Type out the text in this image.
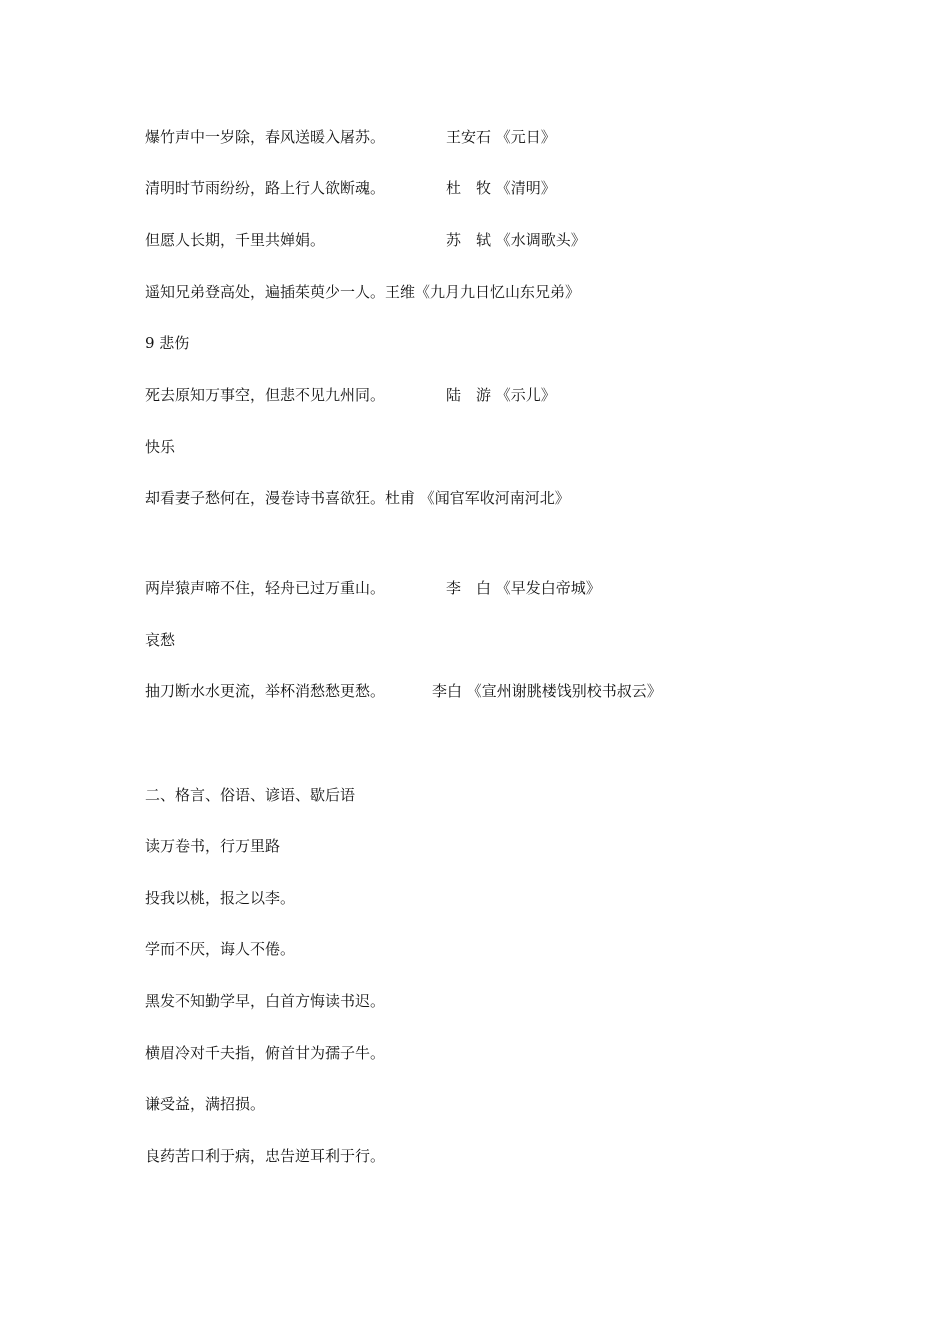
爆竹声中一岁除，春风送暖入屠苏。	王安石 《元日》
清明时节雨纷纷，路上行人欲断魂。	杜　牧 《清明》
但愿人长期，千里共婵娟。	苏　轼 《水调歌头》
遥知兄弟登高处，遍插茱萸少一人。王维《九月九日忆山东兄弟》
9 悲伤
死去原知万事空，但悲不见九州同。	陆　游 《示儿》
快乐
却看妻子愁何在，漫卷诗书喜欲狂。杜甫 《闻官军收河南河北》
两岸猿声啼不住，轻舟已过万重山。	李　白 《早发白帝城》
哀愁
抽刀断水水更流，举杯消愁愁更愁。	李白 《宣州谢朓楼饯别校书叔云》
二、格言、俗语、谚语、歇后语
读万卷书，行万里路
投我以桃，报之以李。
学而不厌，诲人不倦。
黑发不知勤学早，白首方悔读书迟。
横眉冷对千夫指，俯首甘为孺子牛。
谦受益，满招损。
良药苦口利于病，忠告逆耳利于行。
